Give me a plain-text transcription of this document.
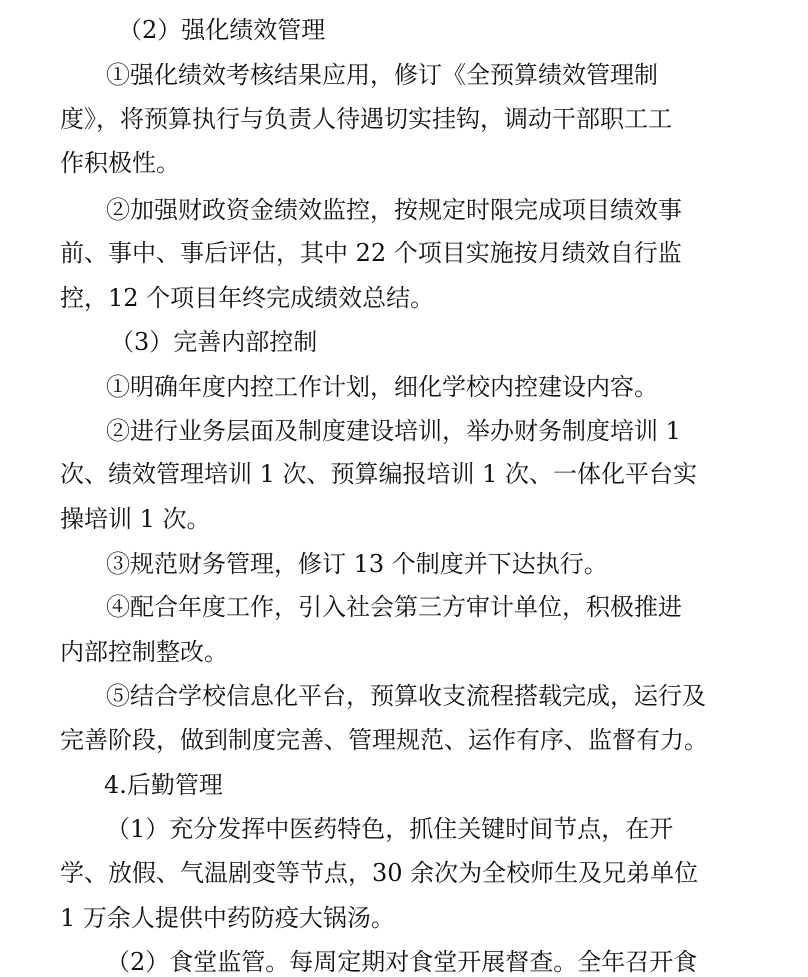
（2）强化绩效管理
①强化绩效考核结果应用，修订《全预算绩效管理制
度》，将预算执行与负责人待遇切实挂钩，调动干部职工工
作积极性。
②加强财政资金绩效监控，按规定时限完成项目绩效事
前、事中、事后评估，其中 22 个项目实施按月绩效自行监
控，12 个项目年终完成绩效总结。
（3）完善内部控制
①明确年度内控工作计划，细化学校内控建设内容。
②进行业务层面及制度建设培训，举办财务制度培训 1
次、绩效管理培训 1 次、预算编报培训 1 次、一体化平台实
操培训 1 次。
③规范财务管理，修订 13 个制度并下达执行。
④配合年度工作，引入社会第三方审计单位，积极推进
内部控制整改。
⑤结合学校信息化平台，预算收支流程搭载完成，运行及
完善阶段，做到制度完善、管理规范、运作有序、监督有力。
4.后勤管理
（1）充分发挥中医药特色，抓住关键时间节点，在开
学、放假、气温剧变等节点，30 余次为全校师生及兄弟单位
1 万余人提供中药防疫大锅汤。
（2）食堂监管。每周定期对食堂开展督查。全年召开食
